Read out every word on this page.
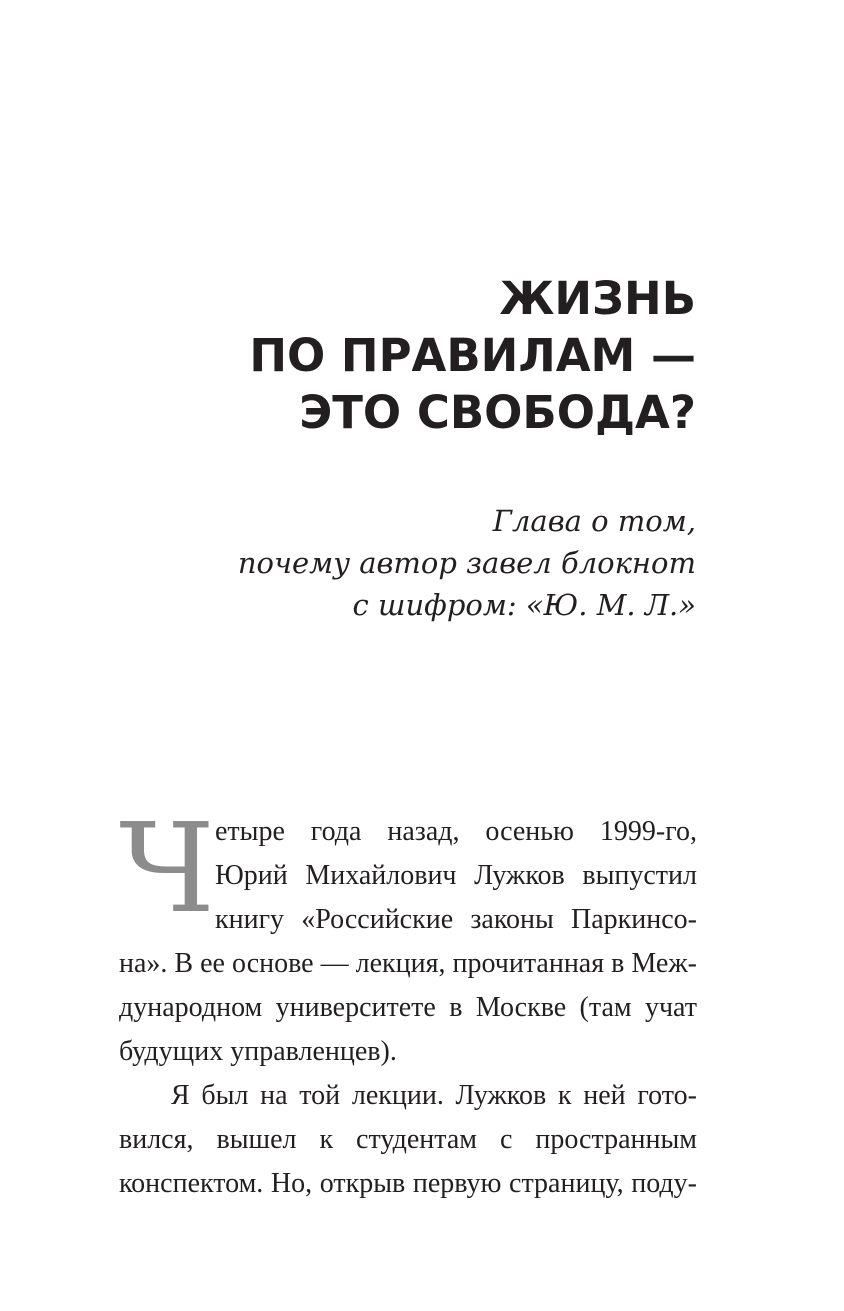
ЖИЗНЬ
ПО ПРАВИЛАМ —
ЭТО СВОБОДА?

Глава о том,
почему автор завел блокнот
с шифром: «Ю. М. Л.»

Ч етыре года назад, осенью 1999-го,
Юрий Михайлович Лужков выпустил
книгу «Российские законы Паркинсо-
на». В ее основе — лекция, прочитанная в Меж-
дународном университете в Москве (там учат
будущих управленцев).
Я был на той лекции. Лужков к ней гото-
вился, вышел к студентам с пространным
конспектом. Но, открыв первую страницу, поду-
